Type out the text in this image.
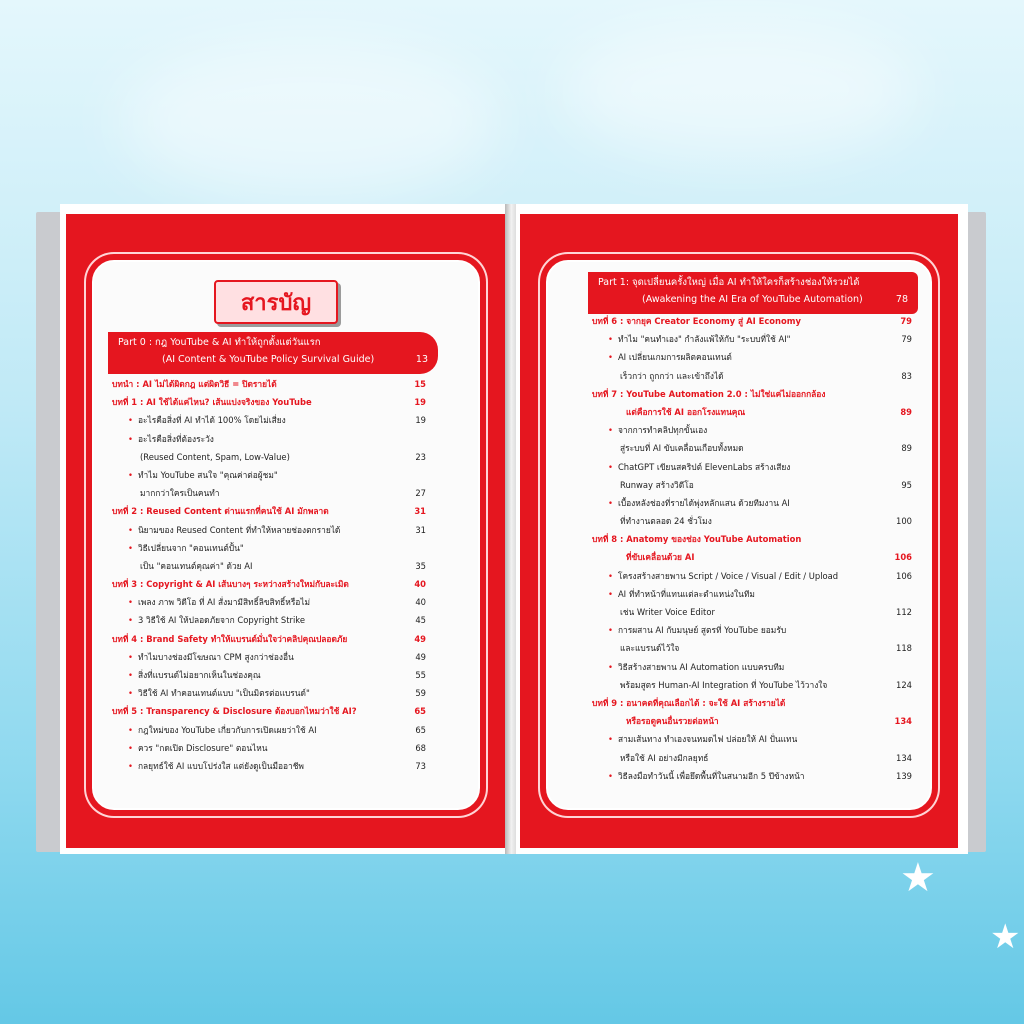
★
★
สารบัญ
Part 0 : กฎ YouTube & AI ทำให้ถูกตั้งแต่วันแรก
(AI Content & YouTube Policy Survival Guide)	13
บทนำ : AI ไม่ได้ผิดกฎ แต่ผิดวิธี = ปิดรายได้	15
บทที่ 1 : AI ใช้ได้แค่ไหน? เส้นแบ่งจริงของ YouTube	19
• อะไรคือสิ่งที่ AI ทำได้ 100% โดยไม่เสี่ยง	19
• อะไรคือสิ่งที่ต้องระวัง
(Reused Content, Spam, Low-Value)	23
• ทำไม YouTube สนใจ "คุณค่าต่อผู้ชม"
มากกว่าใครเป็นคนทำ	27
บทที่ 2 : Reused Content ด่านแรกที่คนใช้ AI มักพลาด	31
• นิยามของ Reused Content ที่ทำให้หลายช่องตกรายได้	31
• วิธีเปลี่ยนจาก "คอนเทนต์ปั้น"
เป็น "คอนเทนต์คุณค่า" ด้วย AI	35
บทที่ 3 : Copyright & AI เส้นบางๆ ระหว่างสร้างใหม่กับละเมิด	40
• เพลง ภาพ วิดีโอ ที่ AI สั่งมามีสิทธิ์ลิขสิทธิ์หรือไม่	40
• 3 วิธีใช้ AI ให้ปลอดภัยจาก Copyright Strike	45
บทที่ 4 : Brand Safety ทำให้แบรนด์มั่นใจว่าคลิปคุณปลอดภัย	49
• ทำไมบางช่องมีโฆษณา CPM สูงกว่าช่องอื่น	49
• สิ่งที่แบรนด์ไม่อยากเห็นในช่องคุณ	55
• วิธีใช้ AI ทำคอนเทนต์แบบ "เป็นมิตรต่อแบรนด์"	59
บทที่ 5 : Transparency & Disclosure ต้องบอกไหมว่าใช้ AI?	65
• กฎใหม่ของ YouTube เกี่ยวกับการเปิดเผยว่าใช้ AI	65
• ควร "กดเปิด Disclosure" ตอนไหน	68
• กลยุทธ์ใช้ AI แบบโปร่งใส แต่ยังดูเป็นมืออาชีพ	73
Part 1: จุดเปลี่ยนครั้งใหญ่ เมื่อ AI ทำให้ใครก็สร้างช่องให้รวยได้
(Awakening the AI Era of YouTube Automation)	78
บทที่ 6 : จากยุค Creator Economy สู่ AI Economy	79
• ทำไม "คนทำเอง" กำลังแพ้ให้กับ "ระบบที่ใช้ AI"	79
• AI เปลี่ยนเกมการผลิตคอนเทนต์
เร็วกว่า ถูกกว่า และเข้าถึงได้	83
บทที่ 7 : YouTube Automation 2.0 : ไม่ใช่แค่ไม่ออกกล้อง
แต่คือการใช้ AI ออกโรงแทนคุณ	89
• จากการทำคลิปทุกขั้นเอง
สู่ระบบที่ AI ขับเคลื่อนเกือบทั้งหมด	89
• ChatGPT เขียนสคริปต์ ElevenLabs สร้างเสียง
Runway สร้างวิดีโอ	95
• เบื้องหลังช่องที่รายได้พุ่งหลักแสน ด้วยทีมงาน AI
ที่ทำงานตลอด 24 ชั่วโมง	100
บทที่ 8 : Anatomy ของช่อง YouTube Automation
ที่ขับเคลื่อนด้วย AI	106
• โครงสร้างสายพาน Script / Voice / Visual / Edit / Upload	106
• AI ที่ทำหน้าที่แทนแต่ละตำแหน่งในทีม
เช่น Writer Voice Editor	112
• การผสาน AI กับมนุษย์ สูตรที่ YouTube ยอมรับ
และแบรนด์ไว้ใจ	118
• วิธีสร้างสายพาน AI Automation แบบครบทีม
พร้อมสูตร Human-AI Integration ที่ YouTube ไว้วางใจ	124
บทที่ 9 : อนาคตที่คุณเลือกได้ : จะใช้ AI สร้างรายได้
หรือรอดูคนอื่นรวยต่อหน้า	134
• สามเส้นทาง ทำเองจนหมดไฟ ปล่อยให้ AI ปั่นแทน
หรือใช้ AI อย่างมีกลยุทธ์	134
• วิธีลงมือทำวันนี้ เพื่อยึดพื้นที่ในสนามอีก 5 ปีข้างหน้า	139
